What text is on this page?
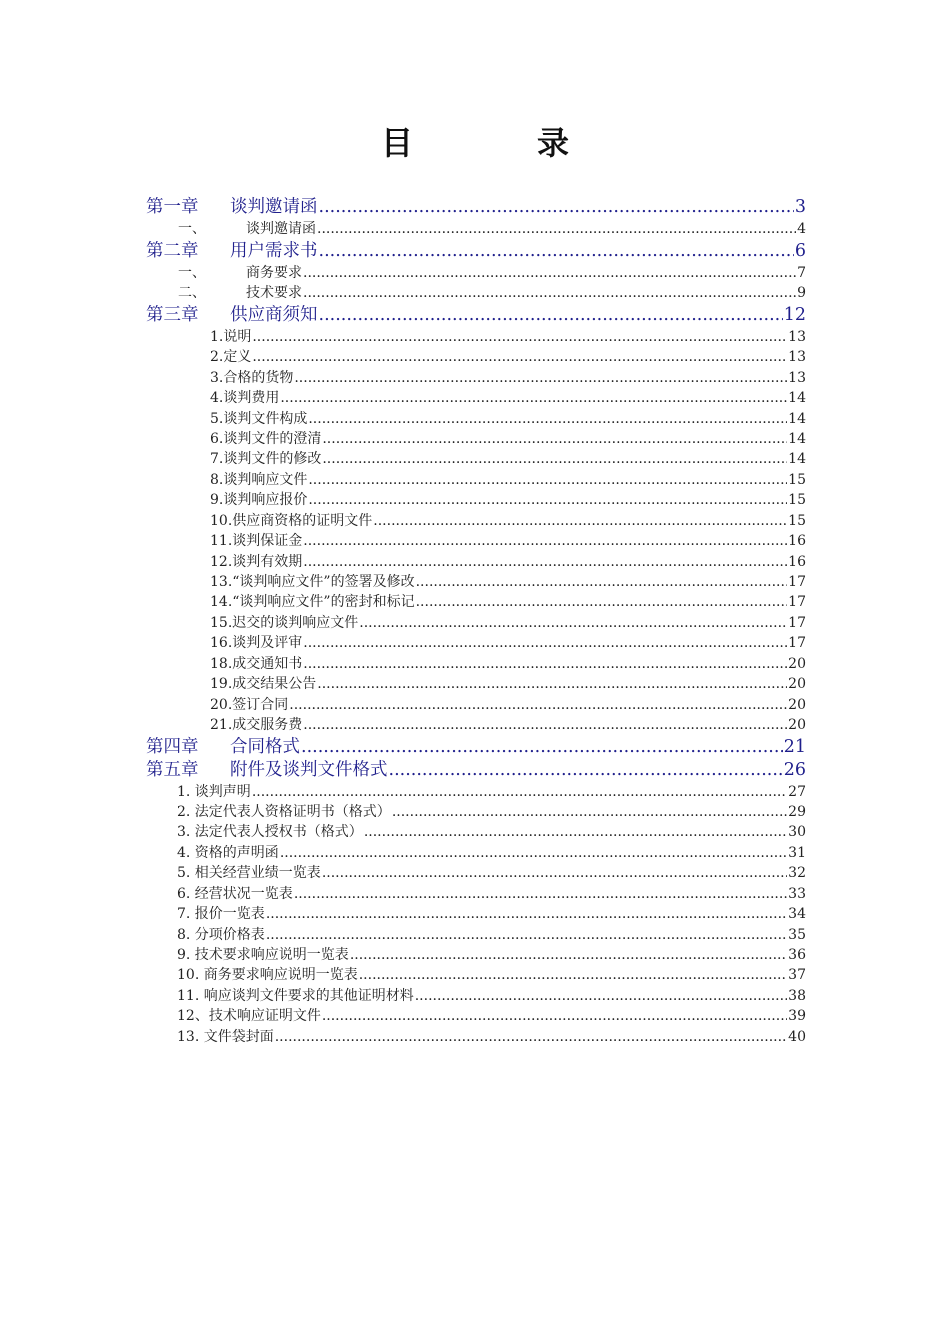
目　录
第一章 谈判邀请函 .....	3
一、	谈判邀请函 .....	4
第二章 用户需求书 .....	6
一、	商务要求 .....	7
二、	技术要求 .....	9
第三章 供应商须知 .....	12
1.说明 .....	13
2.定义 .....	13
3.合格的货物 .....	13
4.谈判费用 .....	14
5.谈判文件构成 .....	14
6.谈判文件的澄清 .....	14
7.谈判文件的修改 .....	14
8.谈判响应文件 .....	15
9.谈判响应报价 .....	15
10.供应商资格的证明文件 .....	15
11.谈判保证金 .....	16
12.谈判有效期 .....	16
13.“谈判响应文件”的签署及修改 .....	17
14.“谈判响应文件”的密封和标记 .....	17
15.迟交的谈判响应文件 .....	17
16.谈判及评审 .....	17
18.成交通知书 .....	20
19.成交结果公告 .....	20
20.签订合同 .....	20
21.成交服务费 .....	20
第四章 合同格式 .....	21
第五章 附件及谈判文件格式 .....	26
1. 谈判声明 .....	27
2. 法定代表人资格证明书（格式） .....	29
3. 法定代表人授权书（格式） .....	30
4. 资格的声明函 .....	31
5. 相关经营业绩一览表 .....	32
6. 经营状况一览表 .....	33
7. 报价一览表 .....	34
8. 分项价格表 .....	35
9. 技术要求响应说明一览表 .....	36
10. 商务要求响应说明一览表 .....	37
11. 响应谈判文件要求的其他证明材料 .....	38
12、技术响应证明文件 .....	39
13. 文件袋封面 .....	40
